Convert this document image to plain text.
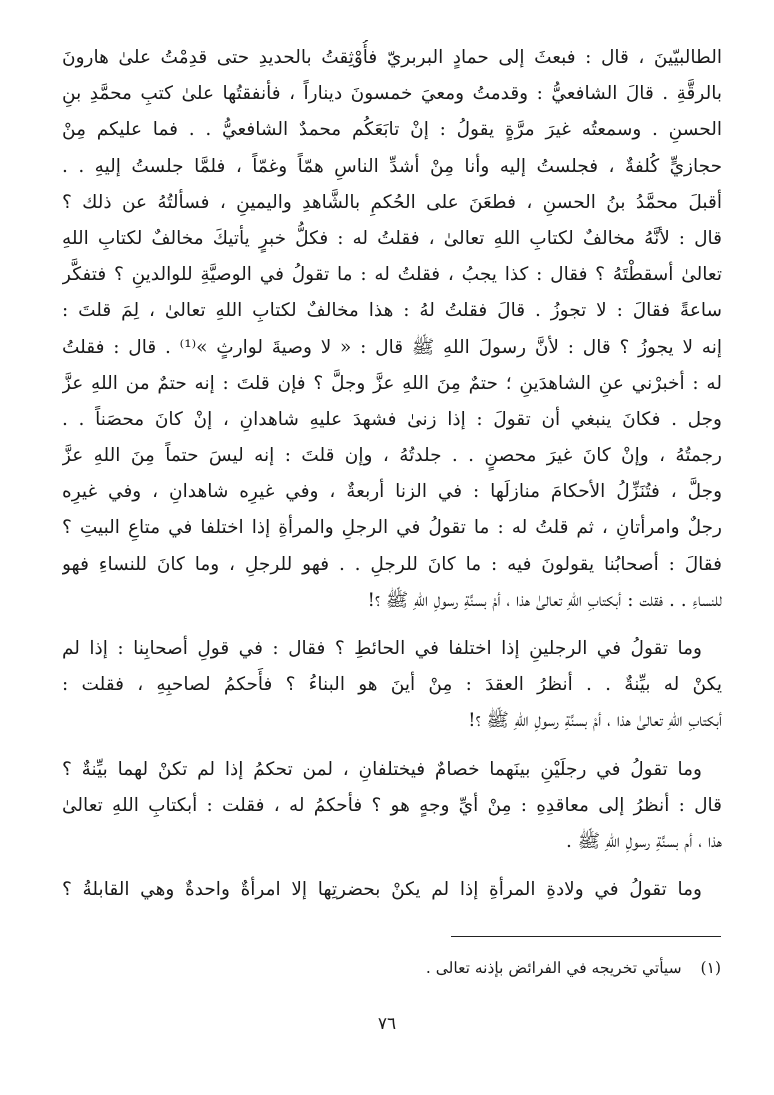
الطالبيّينَ ، قال : فبعثَ إلى حمادٍ البربريّ فأُوْثِقتُ بالحديدِ حتى قدِمْتُ علىٰ هارونَ
بالرقَّةِ . قالَ الشافعيُّ : وقدمتُ ومعيَ خمسونَ ديناراً ، فأنفقتُها علىٰ كتبِ محمَّدِ بنِ
الحسنِ . وسمعتُه غيرَ مرَّةٍ يقولُ : إنْ تابَعَكُم محمدٌ الشافعيُّ . . فما عليكم مِنْ
حجازيٍّ كُلفةٌ ، فجلستُ إليه وأنا مِنْ أشدِّ الناسِ همّاً وغمّاً ، فلمَّا جلستُ إليهِ . .
أقبلَ محمَّدُ بنُ الحسنِ ، فطعَنَ على الحُكمِ بالشَّاهدِ واليمينِ ، فسألتُهُ عن ذلك ؟
قال : لأنَّهُ مخالفٌ لكتابِ اللهِ تعالىٰ ، فقلتُ له : فكلُّ خبرٍ يأتيكَ مخالفٌ لكتابِ اللهِ
تعالىٰ أسقطْتَهُ ؟ فقال : كذا يجبُ ، فقلتُ له : ما تقولُ في الوصيَّةِ للوالدينِ ؟ فتفكَّر
ساعةً فقالَ : لا تجوزُ . قالَ فقلتُ لهُ : هذا مخالفٌ لكتابِ اللهِ تعالىٰ ، لِمَ قلتَ :
إنه لا يجوزُ ؟ قال : لأنَّ رسولَ اللهِ ﷺ قال : « لا وصيةَ لوارثٍ »⁽¹⁾ . قال : فقلتُ
له : أخبرْني عنِ الشاهدَينِ ؛ حتمٌ مِنَ اللهِ عزَّ وجلَّ ؟ فإن قلتَ : إنه حتمٌ من اللهِ عزَّ
وجل . فكانَ ينبغي أن تقولَ : إذا زنىٰ فشهدَ عليهِ شاهدانِ ، إنْ كانَ محصَناً . .
رجمتُهُ ، وإنْ كانَ غيرَ محصنٍ . . جلدتُهُ ، وإن قلتَ : إنه ليسَ حتماً مِنَ اللهِ عزَّ
وجلَّ ، فتُنَزِّلُ الأحكامَ منازلَها : في الزنا أربعةٌ ، وفي غيرِه شاهدانِ ، وفي غيرِه
رجلٌ وامرأتانِ ، ثم قلتُ له : ما تقولُ في الرجلِ والمرأةِ إذا اختلفا في متاعِ البيتِ ؟
فقالَ : أصحابُنا يقولونَ فيه : ما كانَ للرجلِ . . فهو للرجلِ ، وما كانَ للنساءِ فهو
للنساءِ . . فقلت : أبكتابِ اللهِ تعالىٰ هذا ، أمْ بسنَّةِ رسولِ اللهِ ﷺ ؟!
وما تقولُ في الرجلينِ إذا اختلفا في الحائطِ ؟ فقال : في قولِ أصحابِنا : إذا لم
يكنْ له بيِّنةٌ . . أنظرُ العقدَ : مِنْ أينَ هو البناءُ ؟ فأَحكمُ لصاحبِهِ ، فقلت :
أبكتابِ اللهِ تعالىٰ هذا ، أمْ بسنَّةِ رسولِ اللهِ ﷺ ؟!
وما تقولُ في رجلَيْنِ بينَهما خصامٌ فيختلفانِ ، لمن تحكمُ إذا لم تكنْ لهما بيِّنةٌ ؟
قال : أنظرُ إلى معاقدِهِ : مِنْ أيِّ وجهٍ هو ؟ فأحكمُ له ، فقلت : أبكتابِ اللهِ تعالىٰ
هذا ، أم بسنَّةِ رسولِ اللهِ ﷺ .
وما تقولُ في ولادةِ المرأةِ إذا لم يكنْ بحضرتِها إلا امرأةٌ واحدةٌ وهي القابلةُ ؟
(١) سيأتي تخريجه في الفرائض بإذنه تعالى .
٧٦
